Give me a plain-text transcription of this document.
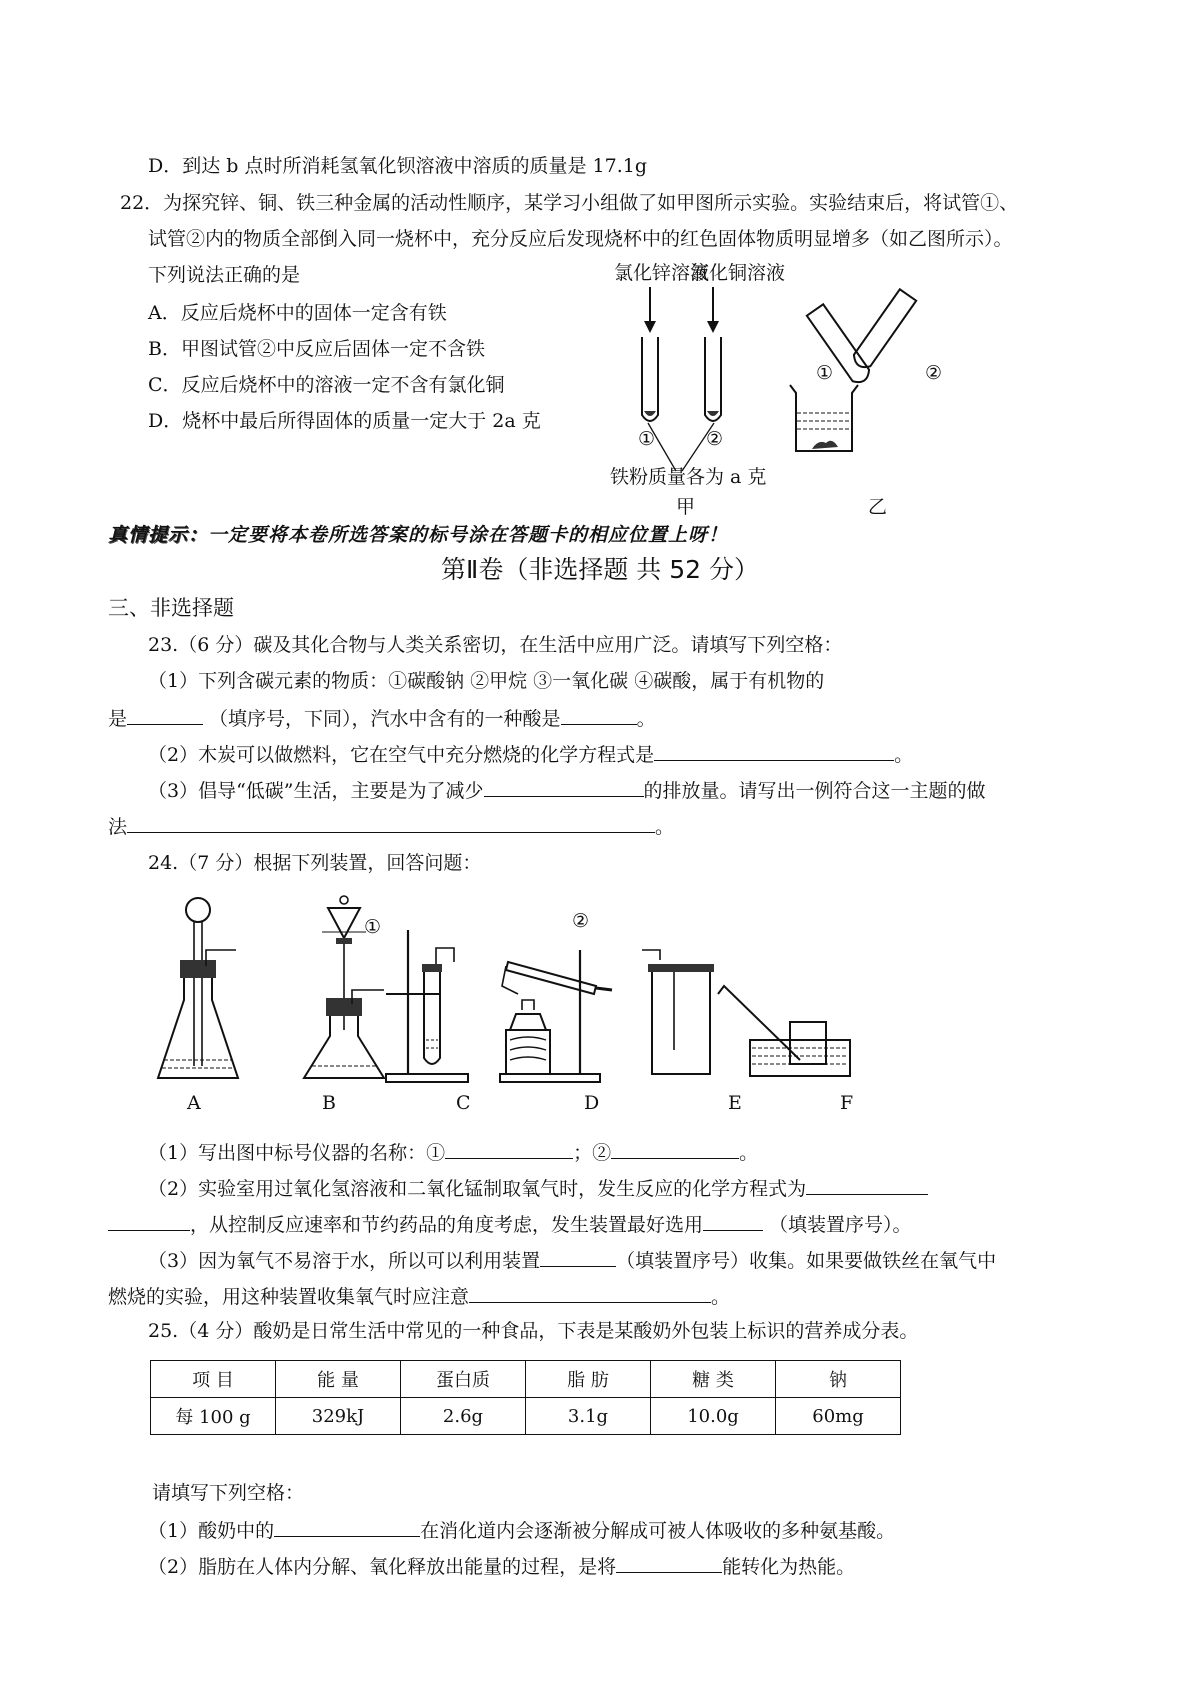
D．到达 b 点时所消耗氢氧化钡溶液中溶质的质量是 17.1g
22．为探究锌、铜、铁三种金属的活动性顺序，某学习小组做了如甲图所示实验。实验结束后，将试管①、
试管②内的物质全部倒入同一烧杯中，充分反应后发现烧杯中的红色固体物质明显增多（如乙图所示）。
下列说法正确的是
A．反应后烧杯中的固体一定含有铁
B．甲图试管②中反应后固体一定不含铁
C．反应后烧杯中的溶液一定不含有氯化铜
D．烧杯中最后所得固体的质量一定大于 2a 克
氯化锌溶液
氯化铜溶液
①	②
①	②
铁粉质量各为 a 克
甲	乙
真情提示：一定要将本卷所选答案的标号涂在答题卡的相应位置上呀！
第Ⅱ卷（非选择题 共 52 分）
三、非选择题
23.（6 分）碳及其化合物与人类关系密切，在生活中应用广泛。请填写下列空格：
（1）下列含碳元素的物质：①碳酸钠 ②甲烷 ③一氧化碳 ④碳酸，属于有机物的
是	（填序号，下同），汽水中含有的一种酸是	。
（2）木炭可以做燃料，它在空气中充分燃烧的化学方程式是	。
（3）倡导“低碳”生活，主要是为了减少	的排放量。请写出一例符合这一主题的做
法	。
24.（7 分）根据下列装置，回答问题：
A	B	C	D	E	F
①	②
（1）写出图中标号仪器的名称：①	；②	。
（2）实验室用过氧化氢溶液和二氧化锰制取氧气时，发生反应的化学方程式为
，从控制反应速率和节约药品的角度考虑，发生装置最好选用	（填装置序号）。
（3）因为氧气不易溶于水，所以可以利用装置	（填装置序号）收集。如果要做铁丝在氧气中
燃烧的实验，用这种装置收集氧气时应注意	。
25.（4 分）酸奶是日常生活中常见的一种食品，下表是某酸奶外包装上标识的营养成分表。
项 目	能 量	蛋白质	脂 肪	糖 类	钠
每 100 g	329kJ	2.6g	3.1g	10.0g	60mg
请填写下列空格：
（1）酸奶中的	在消化道内会逐渐被分解成可被人体吸收的多种氨基酸。
（2）脂肪在人体内分解、氧化释放出能量的过程，是将	能转化为热能。
